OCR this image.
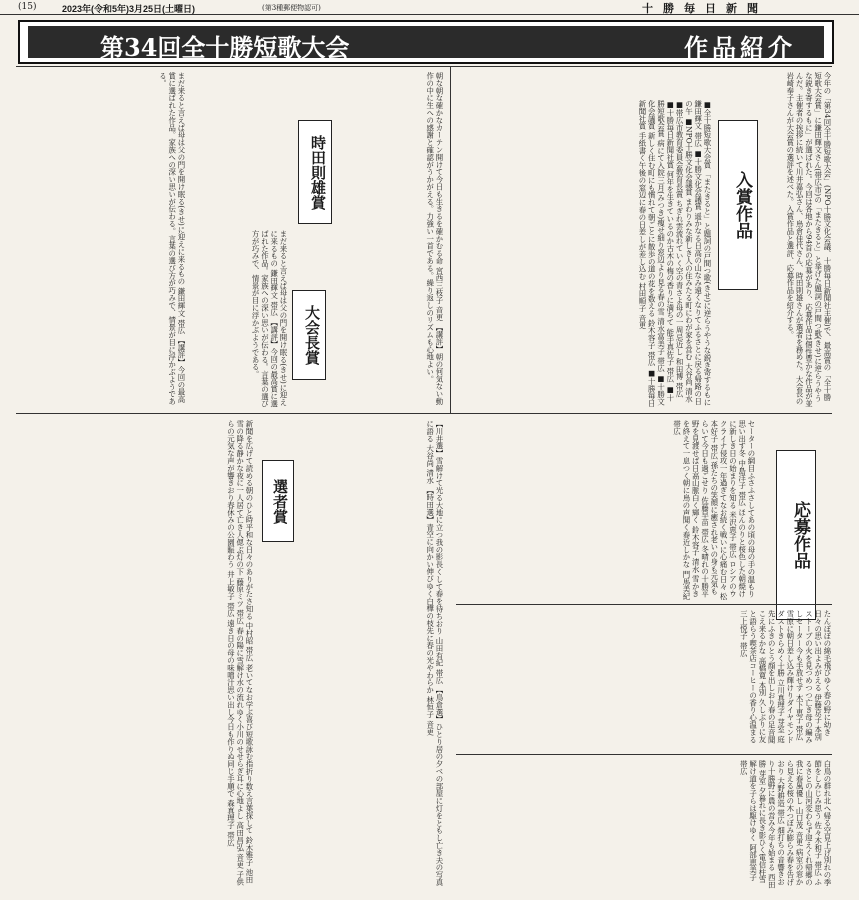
(15)	2023年(令和5年)3月25日(土曜日)	(第3種郵便物認可)	十勝毎日新聞
第34回全十勝短歌大会	作品紹介
今年の「第34回全十勝短歌大会」(NPO十勝文化会議、十勝毎日新聞社主催)で、最高賞の「全十勝短歌大会賞」に鎌田輝文さん(帯広市)の「またきると」と挙げた題詞の戸間つ歌(きせ)に逆らうやうな鋭き寄するもに」が選ばれた。今回は各地から94首の応募があり、応募作品は個性豊かな作品が並んだ。主催者の挨拶に続いて川井嘉弘さん、鳥倉佳代さん、時田則雄さんが選者を務めた。大会長の岩崎奉子さんが大会賞の選評を述べた。入賞作品と選評、応募作品を紹介する。
入賞作品
■全十勝短歌大会賞 「またきると」と題詞の戸間つ歌(きせ)に逆らうやうな鋭き寄するもに 鎌田輝文 帯広 ■十勝文化会議賞 遥かなる日高の山なみ遠くなりてふるさとに戻る帰路の日の午 ■NPO十勝文化会議賞 まわりみな新しき人の住みたる町にわが家を営む 大谷尚 清水 ■帯広市教育委員会教育長賞 ちぎれ雲流れていく空の青さよ母の一周忌近し 和田博 帯広 ■十勝毎日新聞社賞 何年を生きているのか古木の梅の香りに満ちて 能手真佐子 帯広 ■十勝短歌会賞 病にて入院三月(みつき)瘦せ細り窓辺より見る春の雪 清水富美子 帯広 ■十勝文化会議賞 新しく住む町にも慣れて朝ごとに散歩の道の花を数える 鈴木容子 帯広 ■十勝毎日新聞社賞 手紙書く午後の窓辺に春の日差しが差し込む 村田順子 音更
時田則雄賞	朝な朝な確かなカーテン開けて今日も生きるを確かむる命 宮西三枝子 音更 【講評】朝の何気ない動作の中に生への感謝と確認がうかがえる。力強い一首である。繰り返しのリズムも心地よい。
大会長賞
まだ来ると言えば母は父の門を開け眠る(きせ)に迎えに来るもの 鎌田輝文 帯広 【講評】今回の最高賞に選ばれた作品。家族への深い思いが伝わる。言葉の選び方が巧みで、情景が目に浮かぶようである。
まだ来ると言えば母は父の門を開け眠る(きせ)に迎えに来るもの 鎌田輝文 帯広 【講評】今回の最高賞に選ばれた作品。家族への深い思いが伝わる。言葉の選び方が巧みで、情景が目に浮かぶようである。
選者賞	【川井選】雪解けて光る大地に立つ我の影長くして春を待ちおり 山田有紀 帯広 【鳥倉選】ひとり居の夕べの部屋に灯をともし亡き夫の写真に語る 大谷尚 清水 【時田選】青空に向かい伸びゆく白樺の枝先に春の光やわらか 林恒子 音更	応募作品
セーターの網目ふさふさしてあの頃の母の手の温もり思い出す冬 中島洋子 帯広 ほんのりと桜色した朝焼けに新しき日の始まりを知る 米沢恵子 帯広 ロシアのウクライナ侵攻一年過ぎてなお続く戦いに心痛む日々 松本好子 帯広 孫たちの笑顔に癒され老いの身も元気もらいて今日も過ごせり 佐藤早苗 帯広 冬晴れの十勝平野を見渡せば日高山脈白く輝く 鈴木容子 清水 雪かきを終えて一息つく朝に鳥の声聞く春近しかな 門馬美紀 帯広
たんぽぽの綿毛飛びゆく春の野に幼き日々の思い出よみがえる 伊藤京子 本別 ストーブの火を見つめつつ亡き母の編みしセーター今も手放せず 木下恵子 帯広 雪原に朝日差し込み輝けりダイヤモンドダストきらめく十勝 立川真理子 芽室 庭先にふきのとう顔を出しおり春の足音聞こえ来るかな 高橋寛 本別 久しぶりに友と語らう喫茶店コーヒーの香り心温まる 三上悦子 帯広
白鳥の群れ北へ帰る空見上げ別れの季節をしみじみ思う 佐々木和子 帯広 ふるさとの山河変わらず迎えくれ帰郷の我に春風優し 山口茂 音更 病室の窓から見える桜の木つぼみ膨らみ春を告げおり 大野耕造 帯広 畑打ちの音響きおり十勝野に農の営み今年も始まる 西田勝 芽室 夕暮れに長き影ひく電信柱雪解け道を子らは駆けゆく 阿部恵美子 帯広
新聞を広げて読める朝のひと時平和な日々のありがたさ知る 中村昭 帯広 老いてなお学ぶ喜び短歌詠む指折り数え言葉探して 鈴木雅子 池田 雪の降る静かな夜に一人居て亡き人偲ぶ灯の下 藤原ミツ 帯広 春の陽に雪解け水の流れゆく小川のせせらぎ耳に心地よし 高田昌弘 音更 子供らの元気な声が響きおり春休みの公園賑わう 井上敏子 帯広 遠き日の母の味噌汁思い出し今日も作りぬ同じ手順で 森真理子 帯広
